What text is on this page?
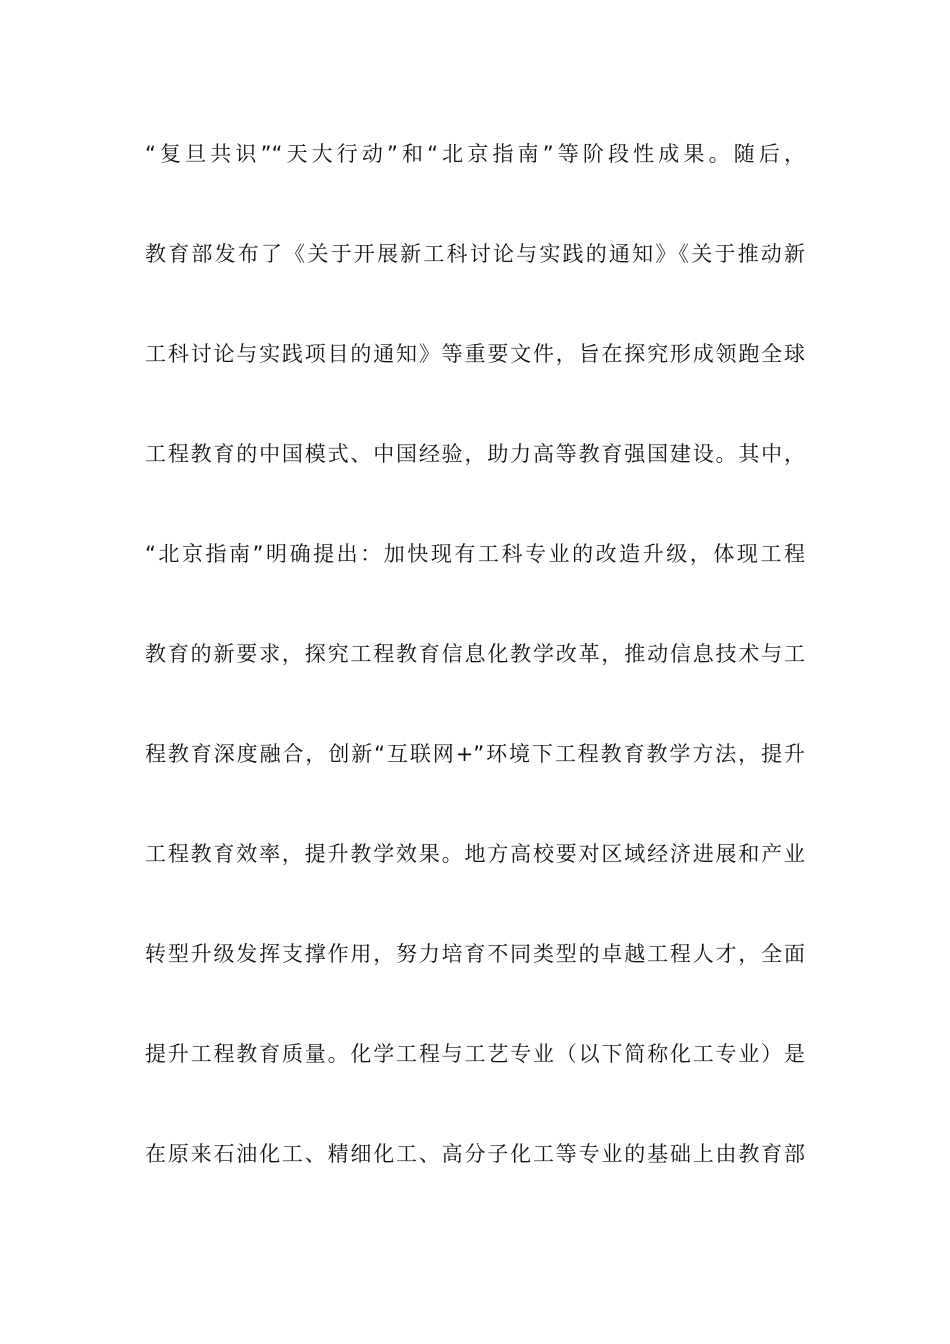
“复旦共识”“天大行动”和“北京指南”等阶段性成果。随后，
教育部发布了《关于开展新工科讨论与实践的通知》《关于推动新
工科讨论与实践项目的通知》等重要文件，旨在探究形成领跑全球
工程教育的中国模式、中国经验，助力高等教育强国建设。其中，
“北京指南”明确提出：加快现有工科专业的改造升级，体现工程
教育的新要求，探究工程教育信息化教学改革，推动信息技术与工
程教育深度融合，创新“互联网+”环境下工程教育教学方法，提升
工程教育效率，提升教学效果。地方高校要对区域经济进展和产业
转型升级发挥支撑作用，努力培育不同类型的卓越工程人才，全面
提升工程教育质量。化学工程与工艺专业（以下简称化工专业）是
在原来石油化工、精细化工、高分子化工等专业的基础上由教育部
